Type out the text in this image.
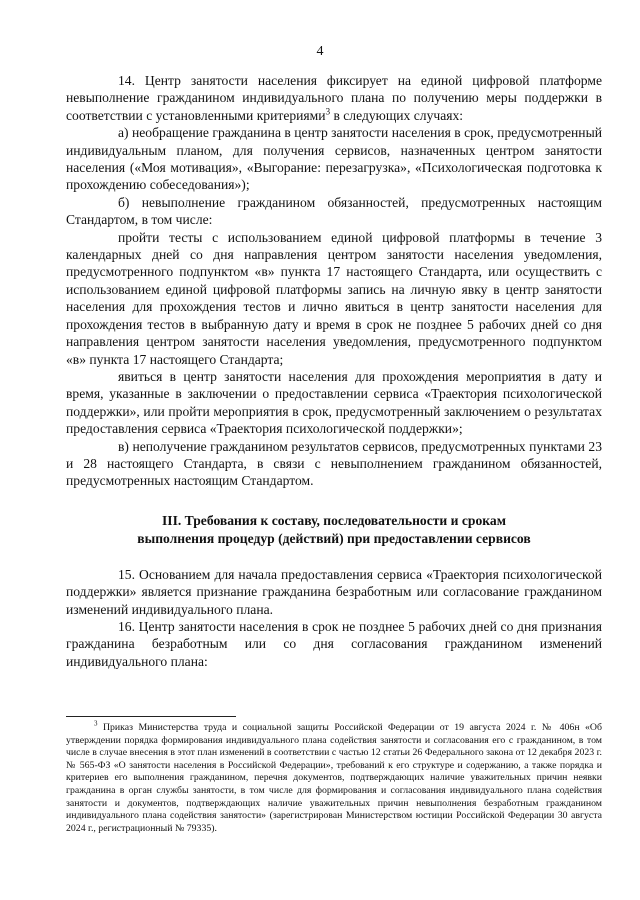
4

14. Центр занятости населения фиксирует на единой цифровой платформе невыполнение гражданином индивидуального плана по получению меры поддержки в соответствии с установленными критериями$^3$ в следующих случаях:

а) необращение гражданина в центр занятости населения в срок, предусмотренный индивидуальным планом, для получения сервисов, назначенных центром занятости населения («Моя мотивация», «Выгорание: перезагрузка», «Психологическая подготовка к прохождению собеседования»);

б) невыполнение гражданином обязанностей, предусмотренных настоящим Стандартом, в том числе:

пройти тесты с использованием единой цифровой платформы в течение 3 календарных дней со дня направления центром занятости населения уведомления, предусмотренного подпунктом «в» пункта 17 настоящего Стандарта, или осуществить с использованием единой цифровой платформы запись на личную явку в центр занятости населения для прохождения тестов и лично явиться в центр занятости населения для прохождения тестов в выбранную дату и время в срок не позднее 5 рабочих дней со дня направления центром занятости населения уведомления, предусмотренного подпунктом «в» пункта 17 настоящего Стандарта;

явиться в центр занятости населения для прохождения мероприятия в дату и время, указанные в заключении о предоставлении сервиса «Траектория психологической поддержки», или пройти мероприятия в срок, предусмотренный заключением о результатах предоставления сервиса «Траектория психологической поддержки»;

в) неполучение гражданином результатов сервисов, предусмотренных пунктами 23 и 28 настоящего Стандарта, в связи с невыполнением гражданином обязанностей, предусмотренных настоящим Стандартом.

III. Требования к составу, последовательности и срокам
выполнения процедур (действий) при предоставлении сервисов

15. Основанием для начала предоставления сервиса «Траектория психологической поддержки» является признание гражданина безработным или согласование гражданином изменений индивидуального плана.

16. Центр занятости населения в срок не позднее 5 рабочих дней со дня признания гражданина безработным или со дня согласования гражданином изменений индивидуального плана:

$^3$ Приказ Министерства труда и социальной защиты Российской Федерации от 19 августа 2024 г. № 406н «Об утверждении порядка формирования индивидуального плана содействия занятости и согласования его с гражданином, в том числе в случае внесения в этот план изменений в соответствии с частью 12 статьи 26 Федерального закона от 12 декабря 2023 г. № 565-ФЗ «О занятости населения в Российской Федерации», требований к его структуре и содержанию, а также порядка и критериев его выполнения гражданином, перечня документов, подтверждающих наличие уважительных причин неявки гражданина в орган службы занятости, в том числе для формирования и согласования индивидуального плана содействия занятости и документов, подтверждающих наличие уважительных причин невыполнения безработным гражданином индивидуального плана содействия занятости» (зарегистрирован Министерством юстиции Российской Федерации 30 августа 2024 г., регистрационный № 79335).
